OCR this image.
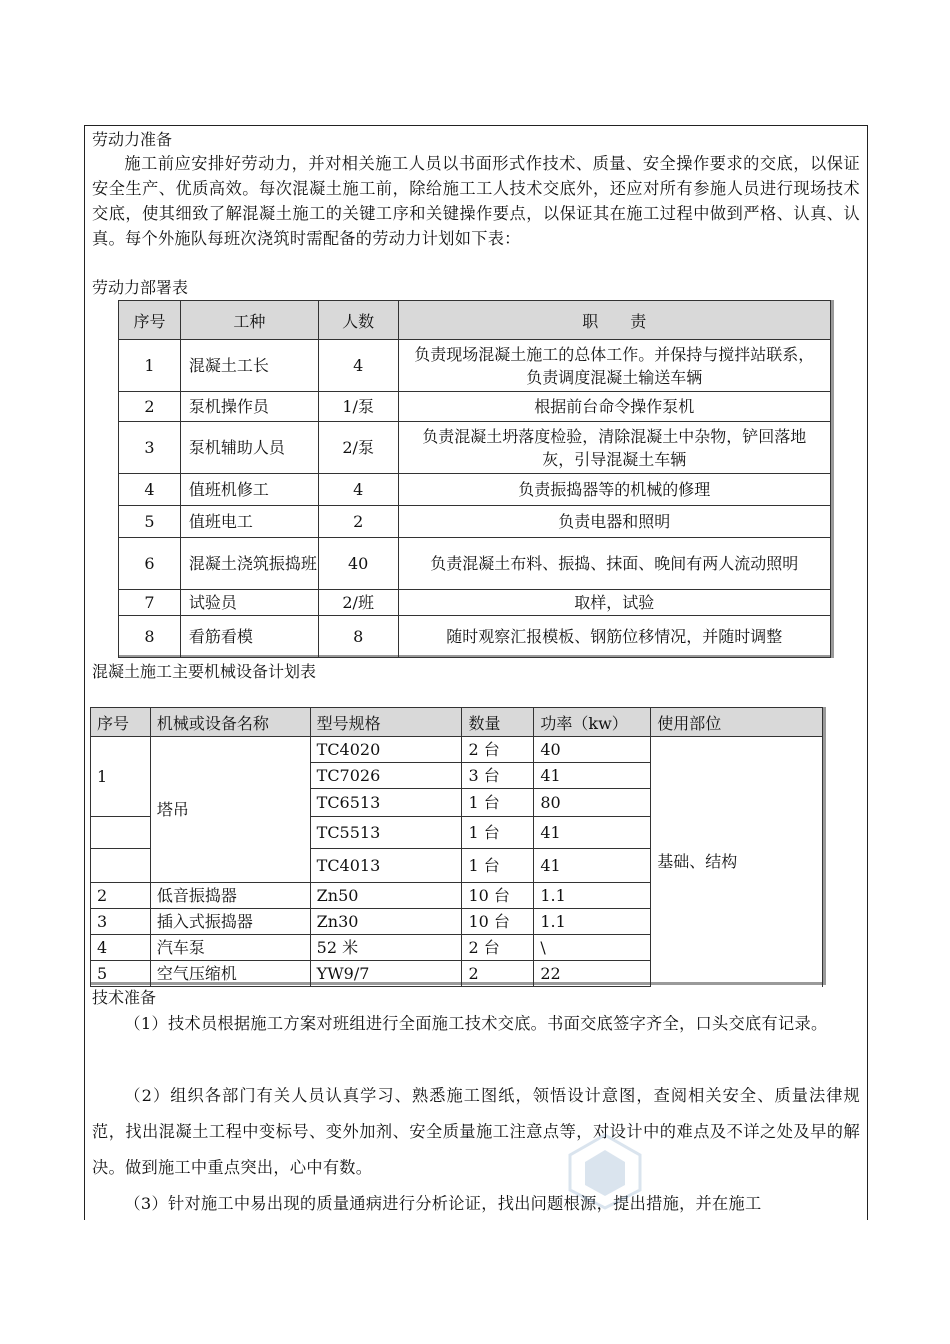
劳动力准备
施工前应安排好劳动力，并对相关施工人员以书面形式作技术、质量、安全操作要求的交底，以保证安全生产、优质高效。每次混凝土施工前，除给施工工人技术交底外，还应对所有参施人员进行现场技术交底，使其细致了解混凝土施工的关键工序和关键操作要点，以保证其在施工过程中做到严格、认真、认真。每个外施队每班次浇筑时需配备的劳动力计划如下表：
劳动力部署表
序号	工种	人数	职　　责
1	混凝土工长	4	负责现场混凝土施工的总体工作。并保持与搅拌站联系，负责调度混凝土输送车辆
2	泵机操作员	1/泵	根据前台命令操作泵机
3	泵机辅助人员	2/泵	负责混凝土坍落度检验，清除混凝土中杂物，铲回落地灰，引导混凝土车辆
4	值班机修工	4	负责振捣器等的机械的修理
5	值班电工	2	负责电器和照明
6	混凝土浇筑振捣班	40	负责混凝土布料、振捣、抹面、晚间有两人流动照明
7	试验员	2/班	取样，试验
8	看筋看模	8	随时观察汇报模板、钢筋位移情况，并随时调整
混凝土施工主要机械设备计划表
序号	机械或设备名称	型号规格	数量	功率（kw）	使用部位
1	塔吊	TC4020	2 台	40	基础、结构
		TC7026	3 台	41	
		TC6513	1 台	80	
		TC5513	1 台	41	
		TC4013	1 台	41	
2	低音振捣器	Zn50	10 台	1.1	
3	插入式振捣器	Zn30	10 台	1.1	
4	汽车泵	52 米	2 台	\	
5	空气压缩机	YW9/7	2	22	
技术准备
（1）技术员根据施工方案对班组进行全面施工技术交底。书面交底签字齐全，口头交底有记录。
（2）组织各部门有关人员认真学习、熟悉施工图纸，领悟设计意图，查阅相关安全、质量法律规范，找出混凝土工程中变标号、变外加剂、安全质量施工注意点等，对设计中的难点及不详之处及早的解决。做到施工中重点突出，心中有数。
（3）针对施工中易出现的质量通病进行分析论证，找出问题根源，提出措施，并在施工
